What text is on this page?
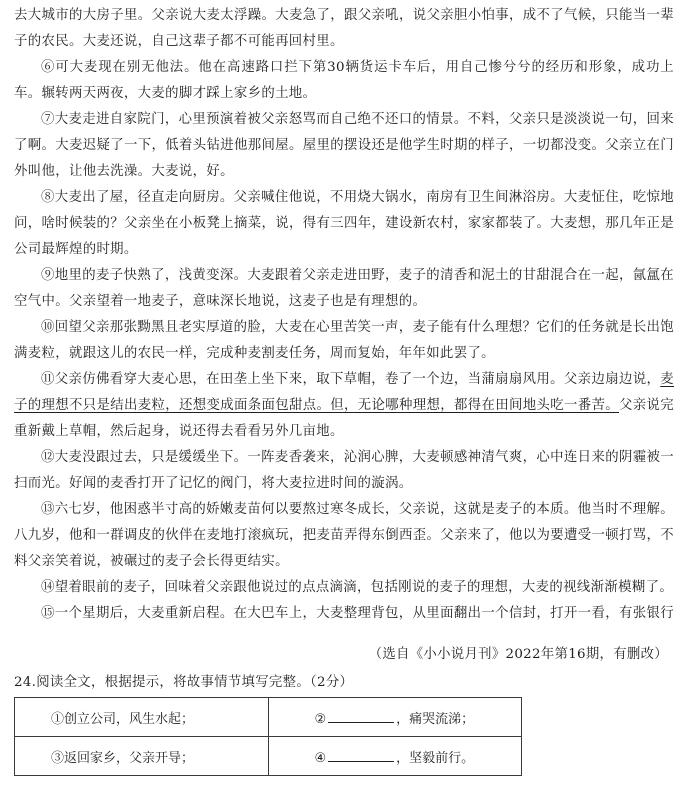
去大城市的大房子里。父亲说大麦太浮躁。大麦急了，跟父亲吼，说父亲胆小怕事，成不了气候，只能当一辈子的农民。大麦还说，自己这辈子都不可能再回村里。

⑥可大麦现在别无他法。他在高速路口拦下第30辆货运卡车后，用自己惨兮兮的经历和形象，成功上车。辗转两天两夜，大麦的脚才踩上家乡的土地。

⑦大麦走进自家院门，心里预演着被父亲怒骂而自己绝不还口的情景。不料，父亲只是淡淡说一句，回来了啊。大麦迟疑了一下，低着头钻进他那间屋。屋里的摆设还是他学生时期的样子，一切都没变。父亲立在门外叫他，让他去洗澡。大麦说，好。

⑧大麦出了屋，径直走向厨房。父亲喊住他说，不用烧大锅水，南房有卫生间淋浴房。大麦怔住，吃惊地问，啥时候装的？父亲坐在小板凳上摘菜，说，得有三四年，建设新农村，家家都装了。大麦想，那几年正是公司最辉煌的时期。

⑨地里的麦子快熟了，浅黄变深。大麦跟着父亲走进田野，麦子的清香和泥土的甘甜混合在一起，氤氲在空气中。父亲望着一地麦子，意味深长地说，这麦子也是有理想的。

⑩回望父亲那张黝黑且老实厚道的脸，大麦在心里苦笑一声，麦子能有什么理想？它们的任务就是长出饱满麦粒，就跟这儿的农民一样，完成种麦割麦任务，周而复始，年年如此罢了。

⑪父亲仿佛看穿大麦心思，在田垄上坐下来，取下草帽，卷了一个边，当蒲扇扇风用。父亲边扇边说，麦子的理想不只是结出麦粒，还想变成面条面包甜点。但，无论哪种理想，都得在田间地头吃一番苦。父亲说完重新戴上草帽，然后起身，说还得去看看另外几亩地。

⑫大麦没跟过去，只是缓缓坐下。一阵麦香袭来，沁润心脾，大麦顿感神清气爽，心中连日来的阴霾被一扫而光。好闻的麦香打开了记忆的阀门，将大麦拉进时间的漩涡。

⑬六七岁，他困惑半寸高的娇嫩麦苗何以要熬过寒冬成长，父亲说，这就是麦子的本质。他当时不理解。八九岁，他和一群调皮的伙伴在麦地打滚疯玩，把麦苗弄得东倒西歪。父亲来了，他以为要遭受一顿打骂，不料父亲笑着说，被碾过的麦子会长得更结实。

⑭望着眼前的麦子，回味着父亲跟他说过的点点滴滴，包括刚说的麦子的理想，大麦的视线渐渐模糊了。

⑮一个星期后，大麦重新启程。在大巴车上，大麦整理背包，从里面翻出一个信封，打开一看，有张银行

（选自《小小说月刊》2022年第16期，有删改）
24.阅读全文，根据提示，将故事情节填写完整。（2分）
①创立公司，风生水起；	② ，痛哭流涕；
③返回家乡，父亲开导；	④ ，坚毅前行。
